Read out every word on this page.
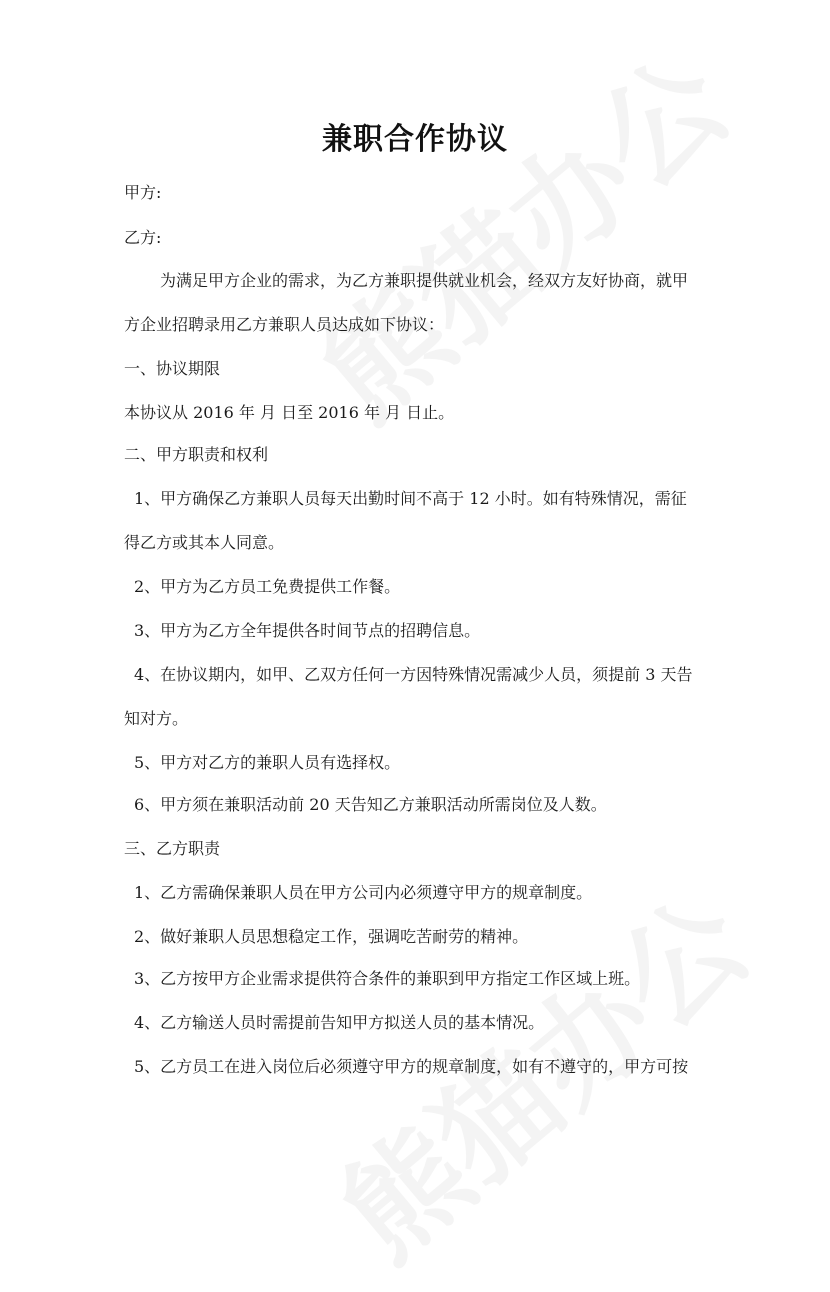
兼职合作协议
甲方:
乙方:
为满足甲方企业的需求，为乙方兼职提供就业机会，经双方友好协商，就甲
方企业招聘录用乙方兼职人员达成如下协议：
一、协议期限
本协议从 2016 年 月 日至 2016 年 月 日止。
二、甲方职责和权利
1、甲方确保乙方兼职人员每天出勤时间不高于 12 小时。如有特殊情况，需征
得乙方或其本人同意。
2、甲方为乙方员工免费提供工作餐。
3、甲方为乙方全年提供各时间节点的招聘信息。
4、在协议期内，如甲、乙双方任何一方因特殊情况需减少人员，须提前 3 天告
知对方。
5、甲方对乙方的兼职人员有选择权。
6、甲方须在兼职活动前 20 天告知乙方兼职活动所需岗位及人数。
三、乙方职责
1、乙方需确保兼职人员在甲方公司内必须遵守甲方的规章制度。
2、做好兼职人员思想稳定工作，强调吃苦耐劳的精神。
3、乙方按甲方企业需求提供符合条件的兼职到甲方指定工作区域上班。
4、乙方输送人员时需提前告知甲方拟送人员的基本情况。
5、乙方员工在进入岗位后必须遵守甲方的规章制度，如有不遵守的，甲方可按
